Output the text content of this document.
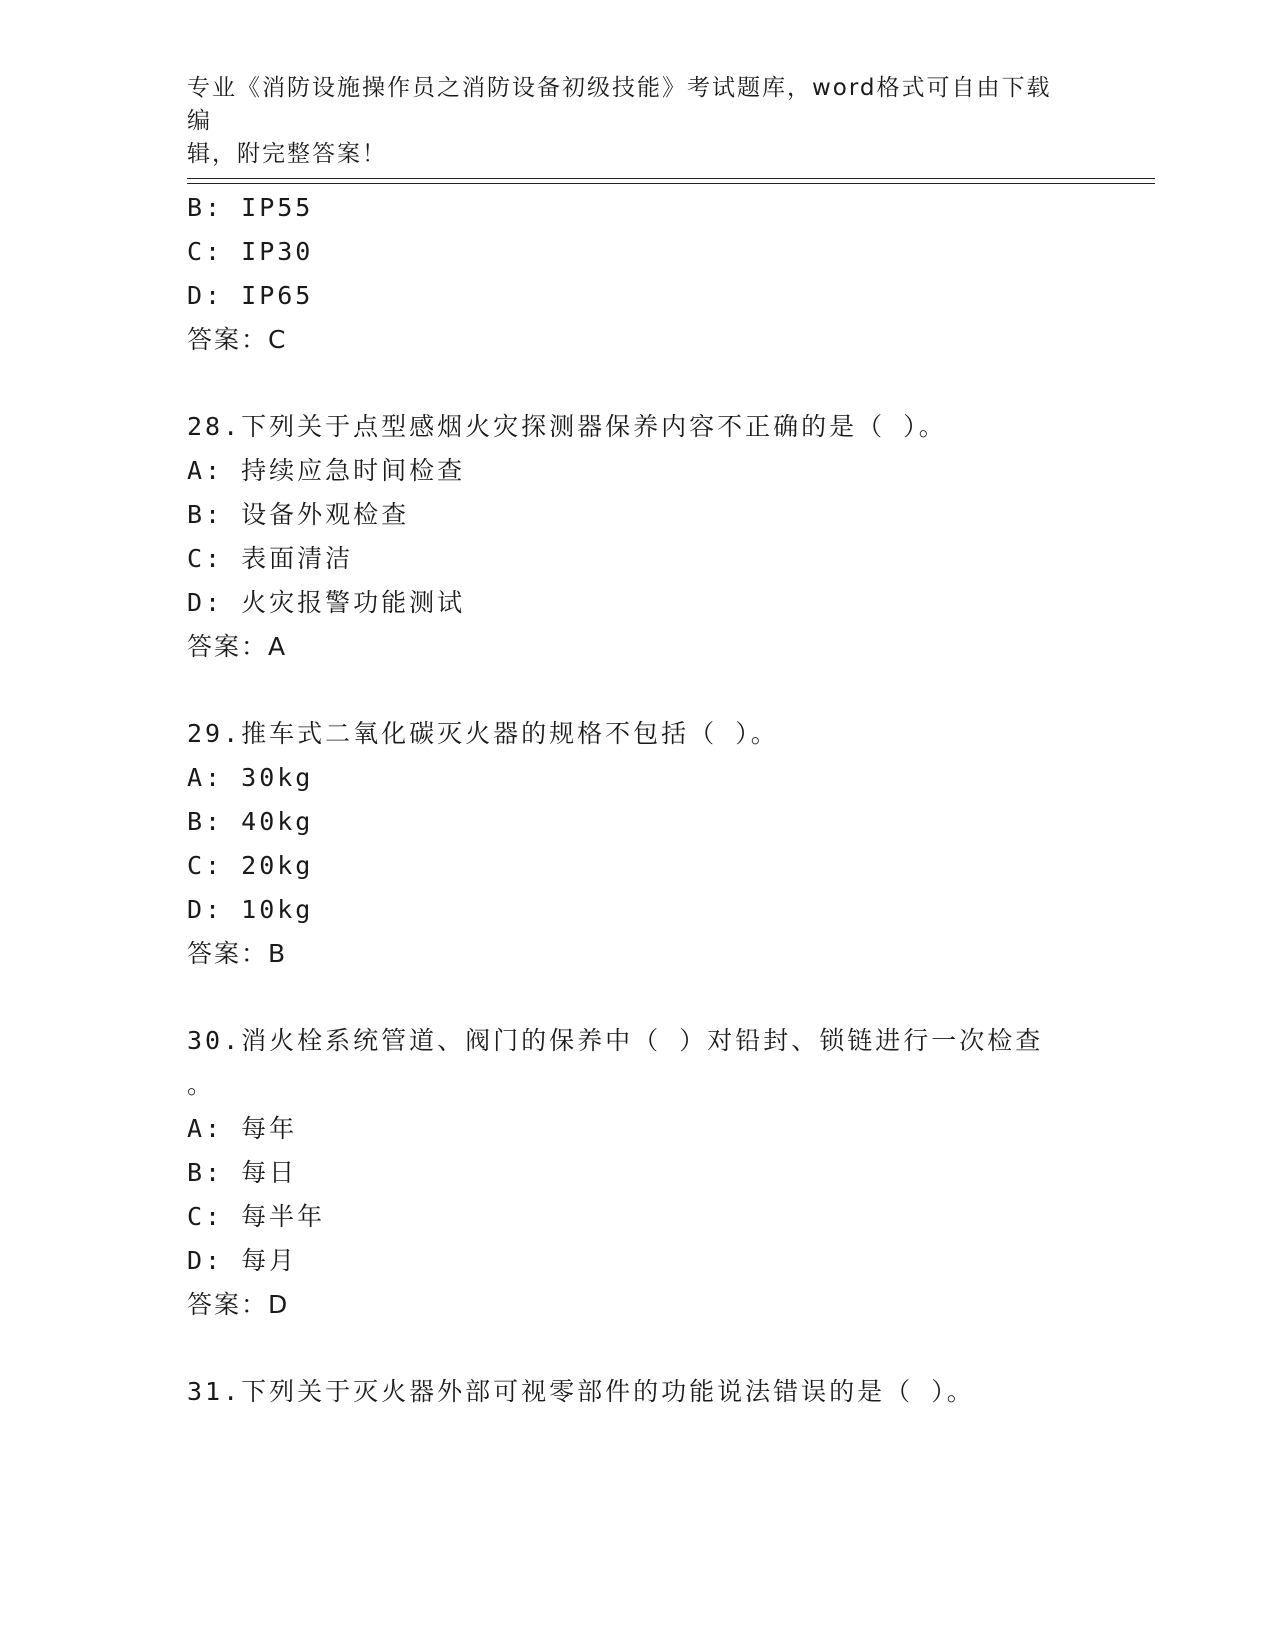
专业《消防设施操作员之消防设备初级技能》考试题库，word格式可自由下载编
辑，附完整答案！
B: IP55
C: IP30
D: IP65
答案：C
28.下列关于点型感烟火灾探测器保养内容不正确的是（ ）。
A: 持续应急时间检查
B: 设备外观检查
C: 表面清洁
D: 火灾报警功能测试
答案：A
29.推车式二氧化碳灭火器的规格不包括（ ）。
A: 30kg
B: 40kg
C: 20kg
D: 10kg
答案：B
30.消火栓系统管道、阀门的保养中（ ）对铅封、锁链进行一次检查
。
A: 每年
B: 每日
C: 每半年
D: 每月
答案：D
31.下列关于灭火器外部可视零部件的功能说法错误的是（ ）。
